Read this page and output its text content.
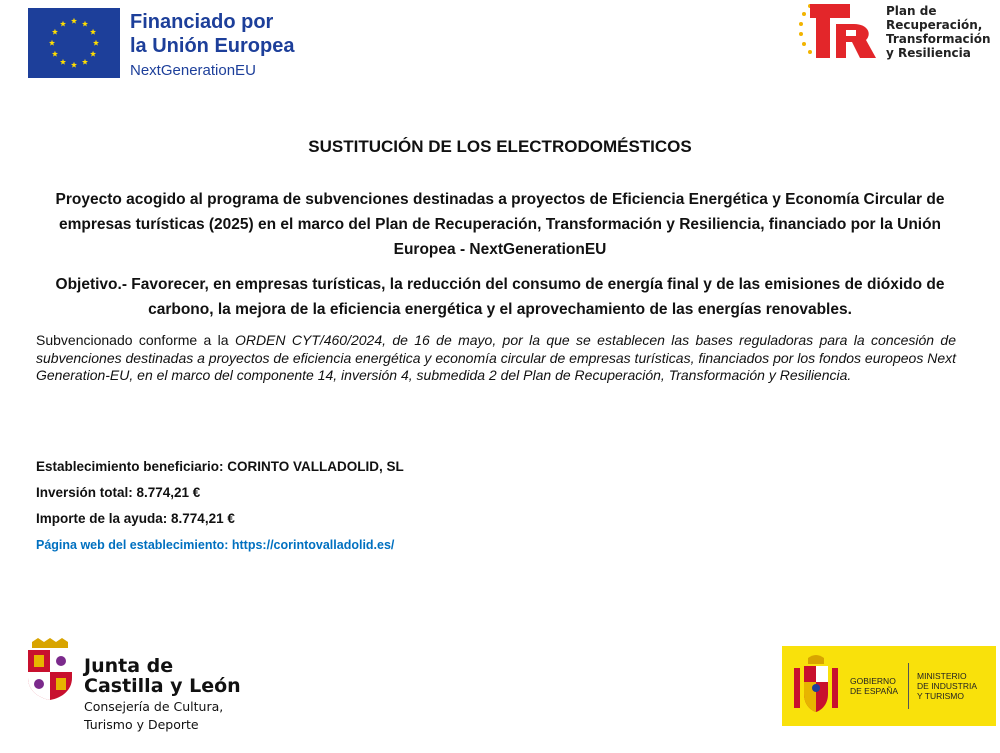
Financiado por
la Unión Europea
NextGenerationEU
Plan de
Recuperación,
Transformación
y Resiliencia
SUSTITUCIÓN DE LOS ELECTRODOMÉSTICOS
Proyecto acogido al programa de subvenciones destinadas a proyectos de Eficiencia Energética y Economía Circular de empresas turísticas (2025) en el marco del Plan de Recuperación, Transformación y Resiliencia, financiado por la Unión Europea - NextGenerationEU
Objetivo.- Favorecer, en empresas turísticas, la reducción del consumo de energía final y de las emisiones de dióxido de carbono, la mejora de la eficiencia energética y el aprovechamiento de las energías renovables.
Subvencionado conforme a la ORDEN CYT/460/2024, de 16 de mayo, por la que se establecen las bases reguladoras para la concesión de subvenciones destinadas a proyectos de eficiencia energética y economía circular de empresas turísticas, financiados por los fondos europeos Next Generation-EU, en el marco del componente 14, inversión 4, submedida 2 del Plan de Recuperación, Transformación y Resiliencia.
Establecimiento beneficiario: CORINTO VALLADOLID, SL
Inversión total: 8.774,21 €
Importe de la ayuda: 8.774,21 €
Página web del establecimiento: https://corintovalladolid.es/
Junta de
Castilla y León
Consejería de Cultura,
Turismo y Deporte
GOBIERNO
DE ESPAÑA
MINISTERIO
DE INDUSTRIA
Y TURISMO
